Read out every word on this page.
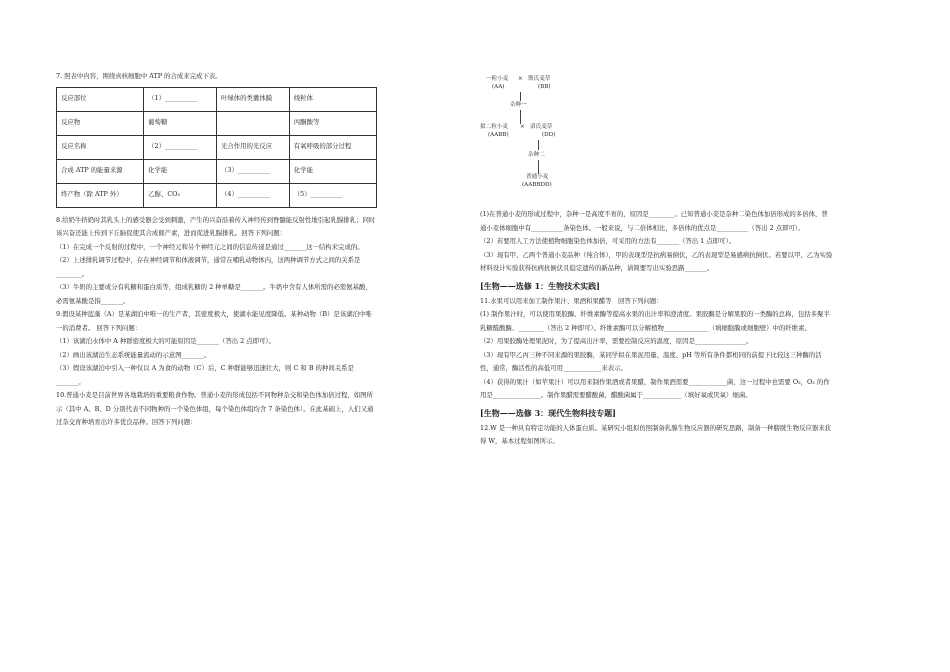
7. 照表中内容，围绕真核细胞中 ATP 的合成来完成下表。

反应部位	（1）__________	叶绿体的类囊体膜	线粒体
反应物	葡萄糖		丙酮酸等
反应名称	（2）__________	光合作用的光反应	有氧呼吸的部分过程
合成 ATP 的能量来源	化学能	（3）__________	化学能
终产物（除 ATP 外）	乙醇、CO₂	（4）__________	（5）__________

8.给奶牛挤奶时其乳头上的感受器会受到刺激，产生的兴奋沿着传入神经传到脊髓能反射性地引起乳腺排乳；同时该兴奋还能上传到下丘脑促使其合成催产素，进而促进乳腺排乳。回答下列问题：

（1）在完成一个反射的过程中，一个神经元和另个神经元之间的信息传递是通过_______这一结构来完成的。

（2）上述排乳调节过程中，存在神经调节和体液调节，通常在哺乳动物体内，这两种调节方式之间的关系是________。

（3）牛奶的主要成分有乳糖和蛋白质等，组成乳糖的 2 种单糖是_______。牛奶中含有人体所需的必需氨基酸，必需氨基酸是指_______。

9.假设某种蓝藻（A）是某湖泊中唯一的生产者，其密度极大，使湖水能见度降低。某种动物（B）是该湖泊中唯一的消费者。 回答下列问题：

（1）该湖泊水体中 A 种群密度极大的可能原因是_______（答出 2 点即可）。

（2）画出该湖泊生态系统能量流动的示意图_______。

（3）假设该湖泊中引入一种仅以 A 为食的动物（C）后，C 种群能够迅速壮大，则 C 和 B 的种间关系是_______。

10.普通小麦是目前世界各地栽培的重要粮食作物。普通小麦的形成包括不同物种杂交和染色体加倍过程，如图所示（其中 A、B、D 分别代表不同物种的一个染色体组，每个染色体组均含 7 条染色体）。在此基础上，人们又通过杂交育种培育出许多优良品种。回答下列问题：

一粒小麦 × 斯氏麦草
(AA)	(BB)
杂种一
拟二粒小麦 × 滔氏麦草
(AABB)	(DD)
杂种二
普通小麦
(AABBDD)

(1)在普通小麦的形成过程中，杂种一是高度不育的，原因是________。已知普通小麦是杂种二染色体加倍形成的多倍体，普通小麦体细胞中有__________条染色体。一般来说，与二倍体相比，多倍体的优点是__________（答出 2 点即可）。

（2）若要用人工方法使植物细胞染色体加倍，可采用的方法有_______（答出 1 点即可）。

（3）现有甲、乙两个普通小麦品种（纯合体），甲的表现型是抗病易倒伏，乙的表现型是易感病抗倒伏。若要以甲、乙为实验材料设计实验获得抗病抗倒伏且稳定遗传的新品种，请简要写出实验思路_______。

[生物——选修 1：生物技术实践]

11.水果可以用来加工制作果汁、果酒和果醋等　回答下列问题：

(1) 制作果汁时，可以使用果胶酶、纤维素酶等提高水果的出汁率和澄清度。果胶酶是分解果胶的一类酶的总称，包括多聚半乳糖醛酸酶、________（答出 2 种即可）。纤维素酶可以分解植物______________（填细胞膜或细胞壁）中的纤维素。

（2）用果胶酶处理果泥时，为了提高出汁率，需要控制反应的温度，原因是________________。

（3）现有甲乙丙三种不同来源的果胶酶，某同学拟在果泥用量、温度、pH 等所有条件都相同的前提下比较这三种酶的活性，通常，酶活性的高低可用____________来表示。

（4）获得的果汁（如苹果汁）可以用来制作果酒或者果醋，制作果酒需要____________菌，这一过程中也需要 O₂，O₂ 的作用是_______________。制作果醋需要醋酸菌，醋酸菌属于____________（填好氧或厌氧）细菌。

[生物——选修 3：现代生物科技专题]

12.W 是一种具有特定功能的人体蛋白质。某研究小组拟仿照制备乳腺生物反应器的研究思路，制备一种膀胱生物反应器来获得 W，基本过程如图所示。
